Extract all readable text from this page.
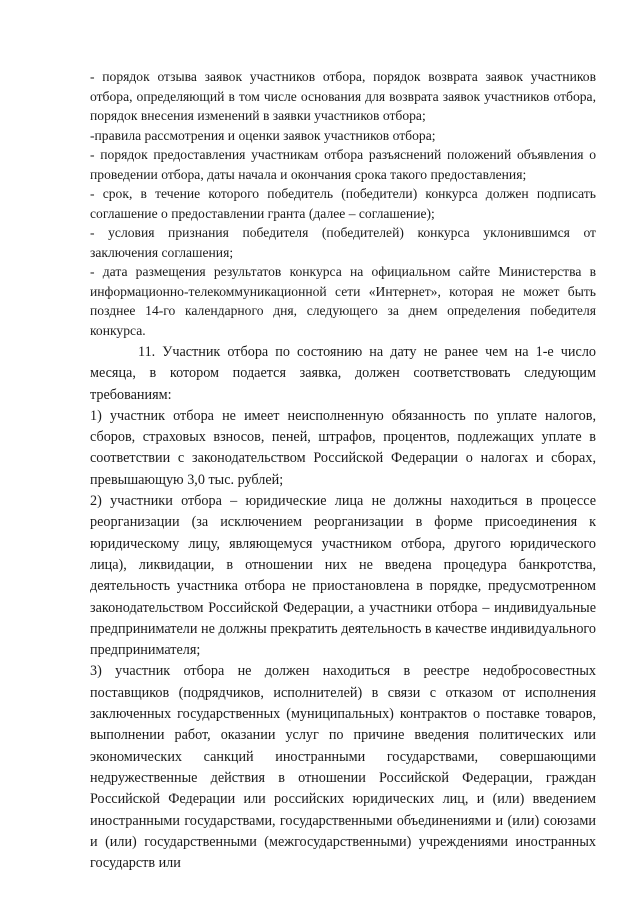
- порядок отзыва заявок участников отбора, порядок возврата заявок участников отбора, определяющий в том числе основания для возврата заявок участников отбора, порядок внесения изменений в заявки участников отбора;

-правила рассмотрения и оценки заявок участников отбора;

- порядок предоставления участникам отбора разъяснений положений объявления о проведении отбора, даты начала и окончания срока такого предоставления;

- срок, в течение которого победитель (победители) конкурса должен подписать соглашение о предоставлении гранта (далее – соглашение);

- условия признания победителя (победителей) конкурса уклонившимся от заключения соглашения;

- дата размещения результатов конкурса на официальном сайте Министерства в информационно-телекоммуникационной сети «Интернет», которая не может быть позднее 14-го календарного дня, следующего за днем определения победителя конкурса.

11. Участник отбора по состоянию на дату не ранее чем на 1-е число месяца, в котором подается заявка, должен соответствовать следующим требованиям:

1) участник отбора не имеет неисполненную обязанность по уплате налогов, сборов, страховых взносов, пеней, штрафов, процентов, подлежащих уплате в соответствии с законодательством Российской Федерации о налогах и сборах, превышающую 3,0 тыс. рублей;

2) участники отбора – юридические лица не должны находиться в процессе реорганизации (за исключением реорганизации в форме присоединения к юридическому лицу, являющемуся участником отбора, другого юридического лица), ликвидации, в отношении них не введена процедура банкротства, деятельность участника отбора не приостановлена в порядке, предусмотренном законодательством Российской Федерации, а участники отбора – индивидуальные предприниматели не должны прекратить деятельность в качестве индивидуального предпринимателя;

3) участник отбора не должен находиться в реестре недобросовестных поставщиков (подрядчиков, исполнителей) в связи с отказом от исполнения заключенных государственных (муниципальных) контрактов о поставке товаров, выполнении работ, оказании услуг по причине введения политических или экономических санкций иностранными государствами, совершающими недружественные действия в отношении Российской Федерации, граждан Российской Федерации или российских юридических лиц, и (или) введением иностранными государствами, государственными объединениями и (или) союзами и (или) государственными (межгосударственными) учреждениями иностранных государств или
